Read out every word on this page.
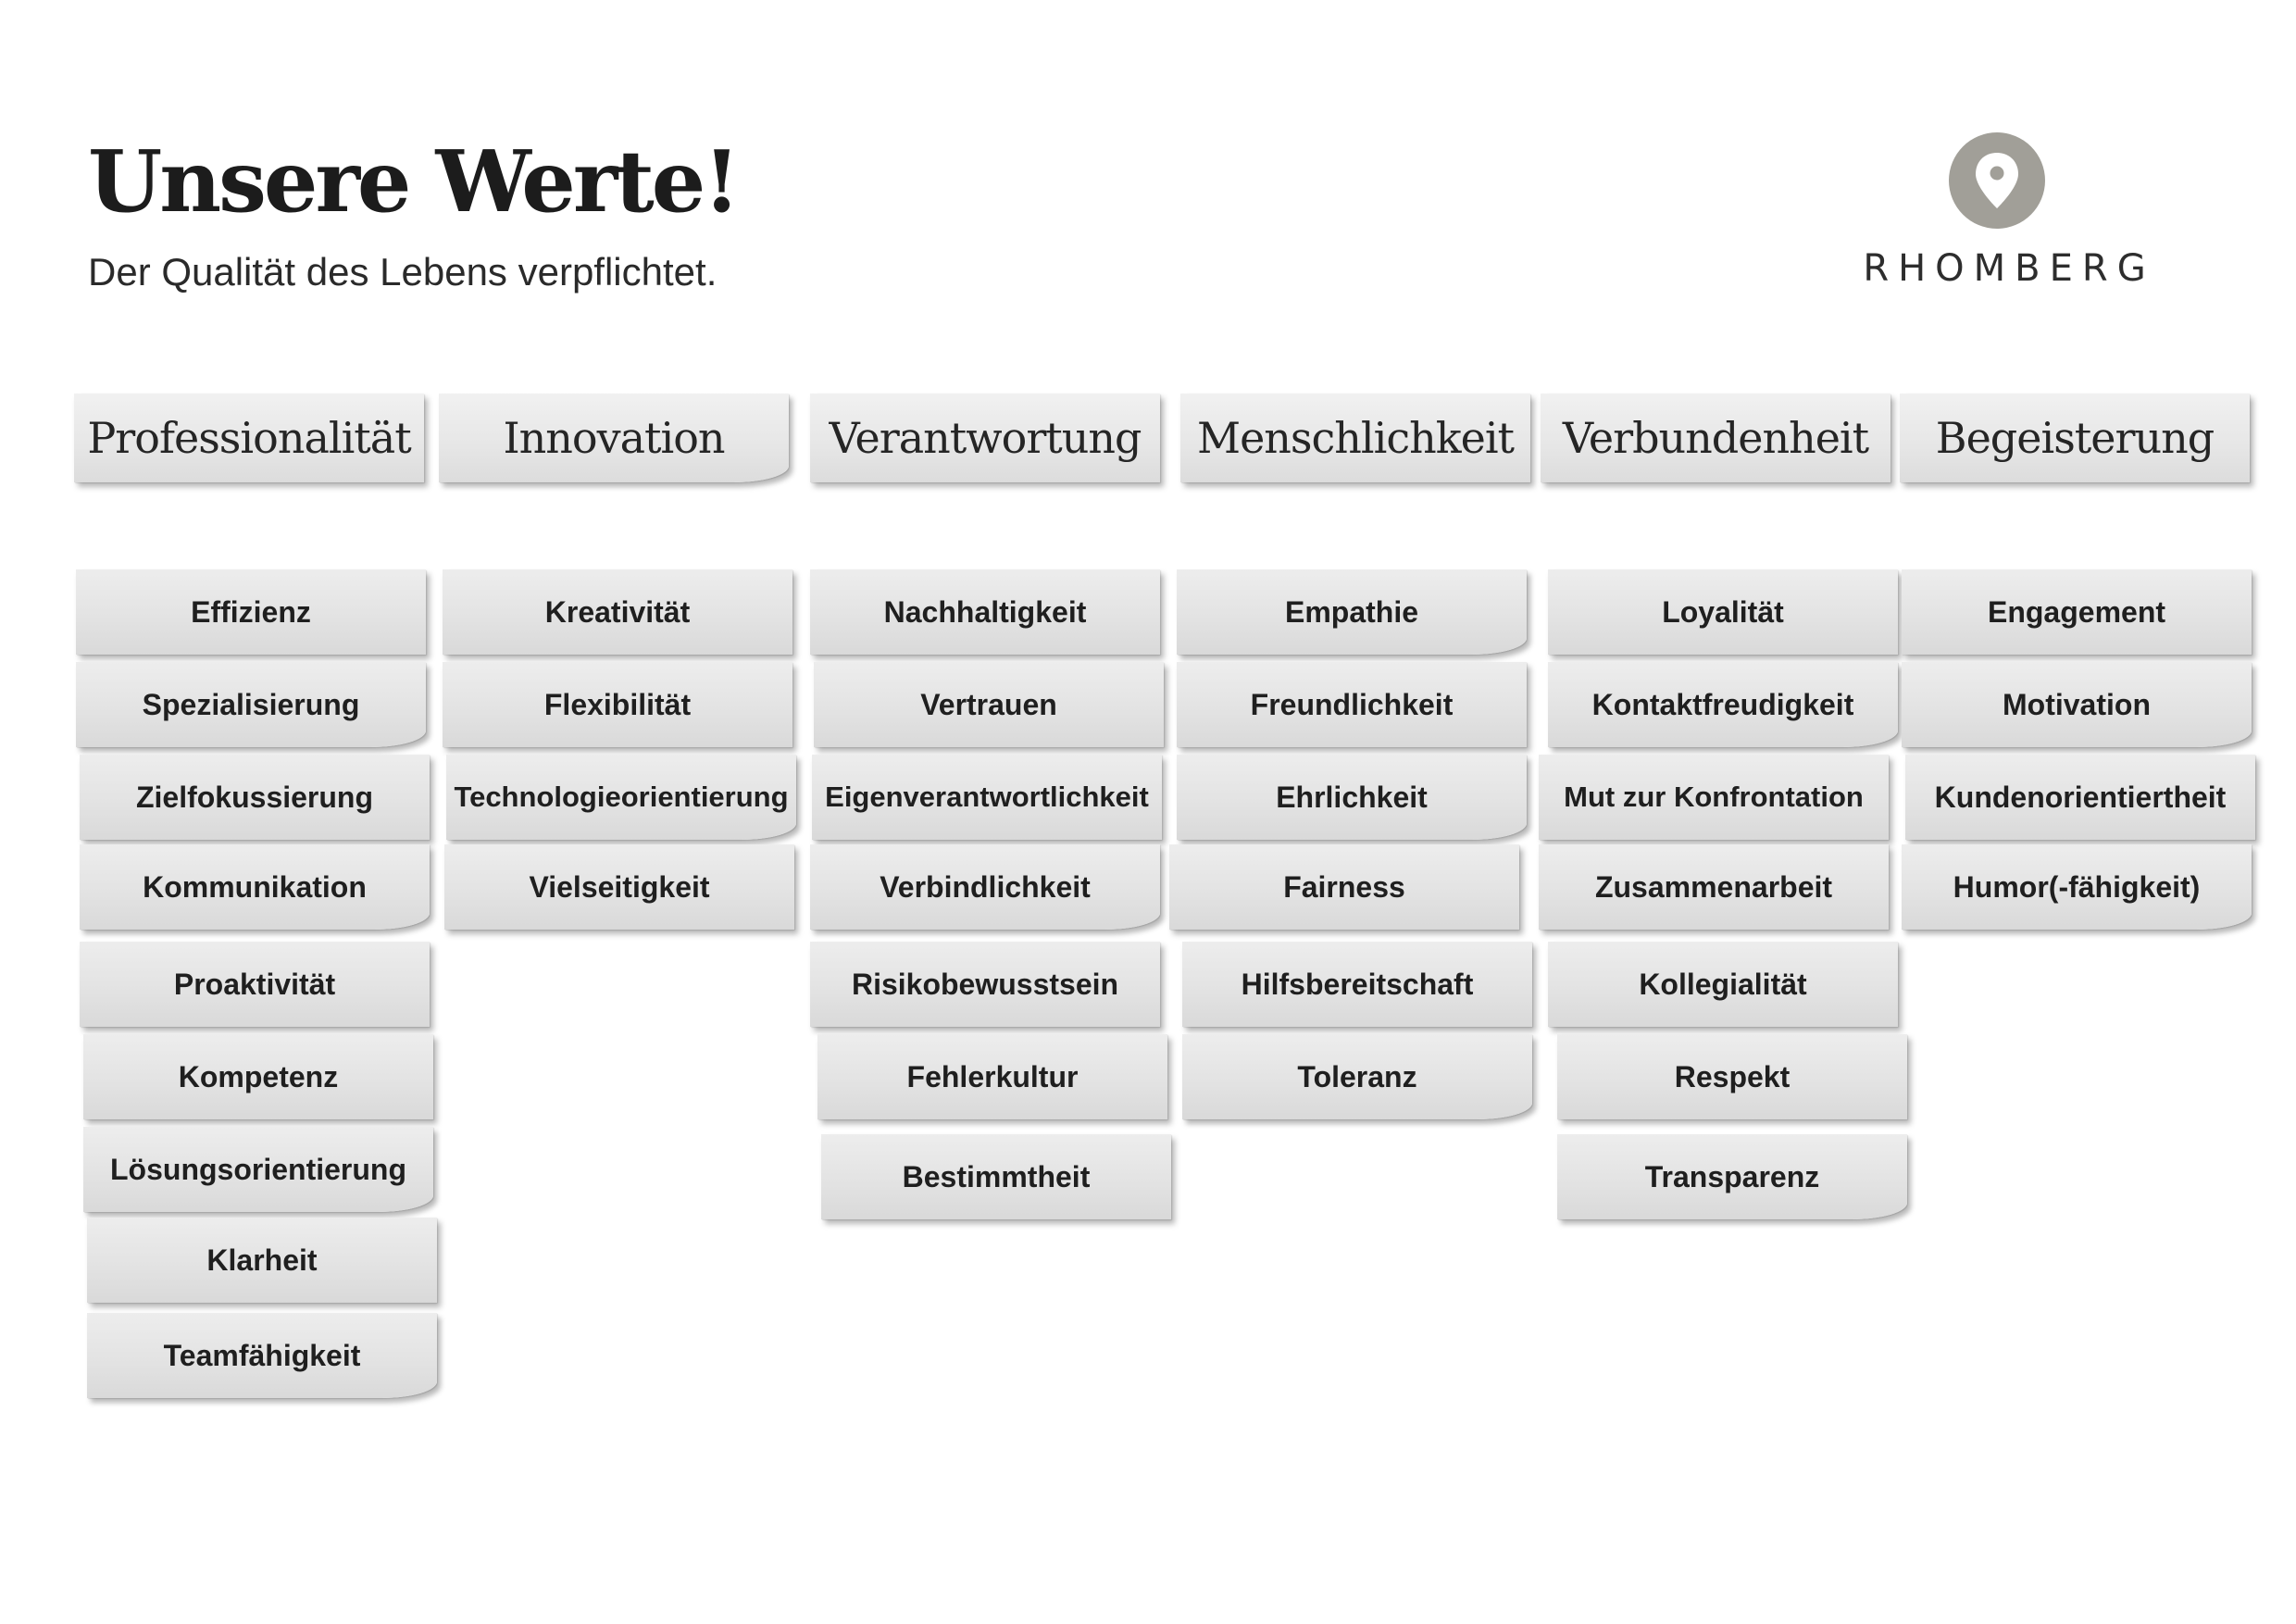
Unsere Werte!
Der Qualität des Lebens verpflichtet.	RHOMBERG
Professionalität
Effizienz
Spezialisierung
Zielfokussierung
Kommunikation
Proaktivität
Kompetenz
Lösungsorientierung
Klarheit
Teamfähigkeit
Innovation
Kreativität
Flexibilität
Technologieorientierung
Vielseitigkeit
Verantwortung
Nachhaltigkeit
Vertrauen
Eigenverantwortlichkeit
Verbindlichkeit
Risikobewusstsein
Fehlerkultur
Bestimmtheit
Menschlichkeit
Empathie
Freundlichkeit
Ehrlichkeit
Fairness
Hilfsbereitschaft
Toleranz
Verbundenheit
Loyalität
Kontaktfreudigkeit
Mut zur Konfrontation
Zusammenarbeit
Kollegialität
Respekt
Transparenz
Begeisterung
Engagement
Motivation
Kundenorientiertheit
Humor(-fähigkeit)
